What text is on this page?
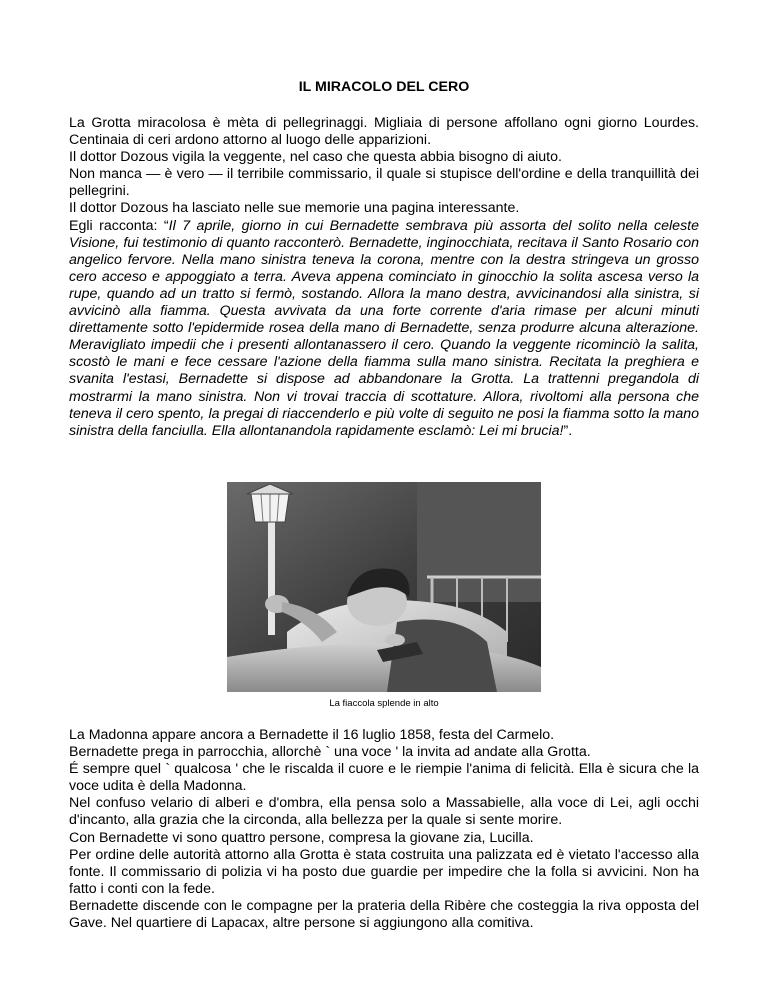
IL MIRACOLO DEL CERO

La Grotta miracolosa è mèta di pellegrinaggi. Migliaia di persone affollano ogni giorno Lourdes. Centinaia di ceri ardono attorno al luogo delle apparizioni.

Il dottor Dozous vigila la veggente, nel caso che questa abbia bisogno di aiuto.

Non manca — è vero — il terribile commissario, il quale si stupisce dell'ordine e della tranquillità dei pellegrini.

Il dottor Dozous ha lasciato nelle sue memorie una pagina interessante.

Egli racconta: “Il 7 aprile, giorno in cui Bernadette sembrava più assorta del solito nella celeste Visione, fui testimonio di quanto racconterò. Bernadette, inginocchiata, recitava il Santo Rosario con angelico fervore. Nella mano sinistra teneva la corona, mentre con la destra stringeva un grosso cero acceso e appoggiato a terra. Aveva appena cominciato in ginocchio la solita ascesa verso la rupe, quando ad un tratto si fermò, sostando. Allora la mano destra, avvicinandosi alla sinistra, si avvicinò alla fiamma. Questa avvivata da una forte corrente d'aria rimase per alcuni minuti direttamente sotto l'epidermide rosea della mano di Bernadette, senza produrre alcuna alterazione. Meravigliato impedii che i presenti allontanassero il cero. Quando la veggente ricominciò la salita, scostò le mani e fece cessare l'azione della fiamma sulla mano sinistra. Recitata la preghiera e svanita l'estasi, Bernadette si dispose ad abbandonare la Grotta. La trattenni pregandola di mostrarmi la mano sinistra. Non vi trovai traccia di scottature. Allora, rivoltomi alla persona che teneva il cero spento, la pregai di riaccenderlo e più volte di seguito ne posi la fiamma sotto la mano sinistra della fanciulla. Ella allontanandola rapidamente esclamò: Lei mi brucia!”.

La fiaccola splende in alto

La Madonna appare ancora a Bernadette il 16 luglio 1858, festa del Carmelo.

Bernadette prega in parrocchia, allorchè ` una voce ' la invita ad andate alla Grotta.

É sempre quel ` qualcosa ' che le riscalda il cuore e le riempie l'anima di felicità. Ella è sicura che la voce udita è della Madonna.

Nel confuso velario di alberi e d'ombra, ella pensa solo a Massabielle, alla voce di Lei, agli occhi d'incanto, alla grazia che la circonda, alla bellezza per la quale si sente morire.

Con Bernadette vi sono quattro persone, compresa la giovane zia, Lucilla.

Per ordine delle autorità attorno alla Grotta è stata costruita una palizzata ed è vietato l'accesso alla fonte. Il commissario di polizia vi ha posto due guardie per impedire che la folla si avvicini. Non ha fatto i conti con la fede.

Bernadette discende con le compagne per la prateria della Ribère che costeggia la riva opposta del Gave. Nel quartiere di Lapacax, altre persone si aggiungono alla comitiva.
